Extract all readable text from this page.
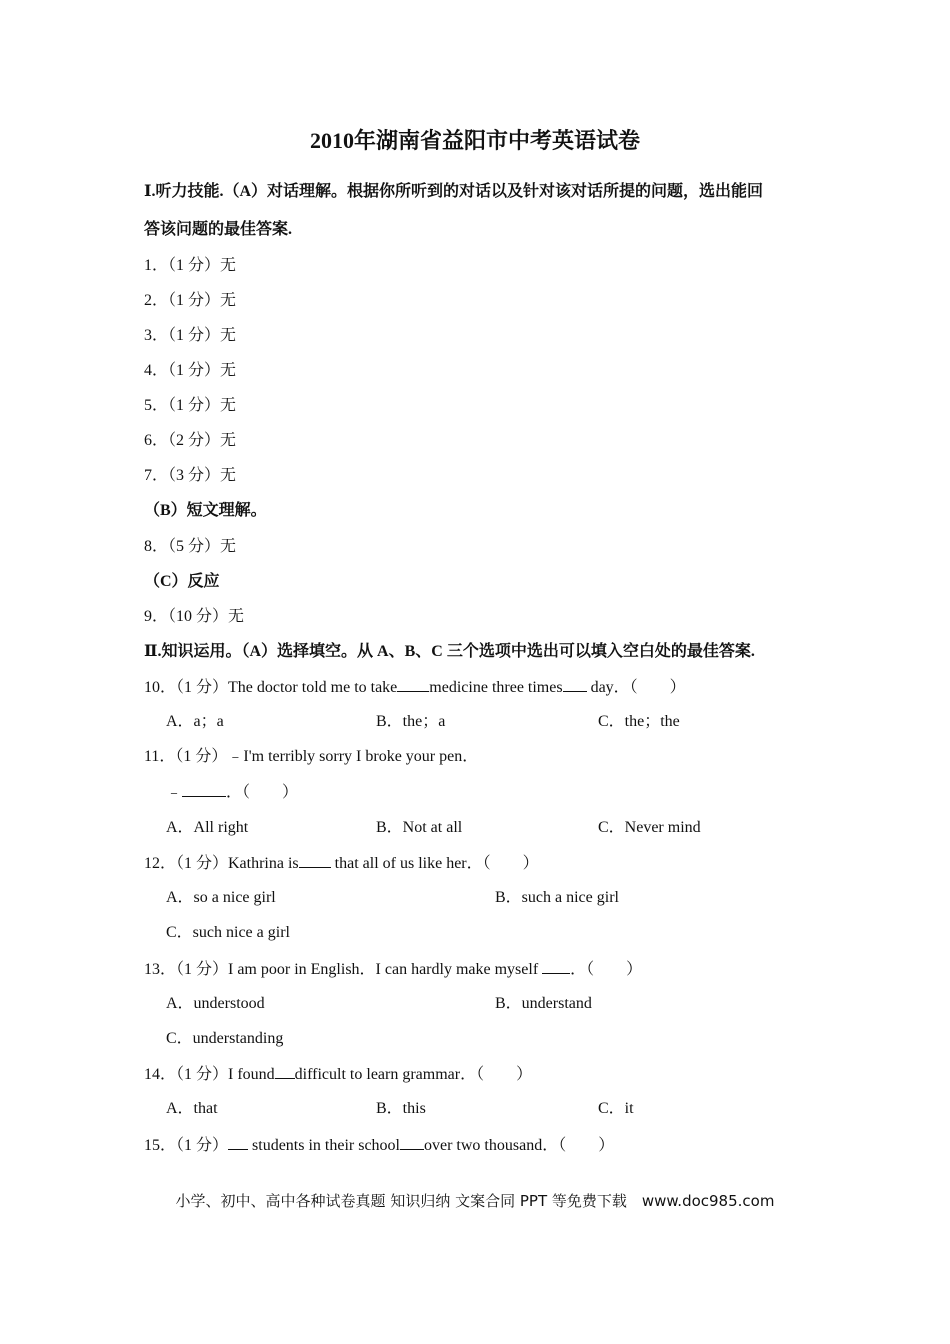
2010年湖南省益阳市中考英语试卷
Ⅰ.听力技能.（A）对话理解。根据你所听到的对话以及针对该对话所提的问题，选出能回
答该问题的最佳答案.
1．（1 分）无
2．（1 分）无
3．（1 分）无
4．（1 分）无
5．（1 分）无
6．（2 分）无
7．（3 分）无
（B）短文理解。
8．（5 分）无
（C）反应
9．（10 分）无
Ⅱ.知识运用。（A）选择填空。从 A、B、C 三个选项中选出可以填入空白处的最佳答案.
10．（1 分）The doctor told me to take medicine three times day．（　　）
A．a；a	B．the；a	C．the；the
11．（1 分）﹣I'm terribly sorry I broke your pen．
﹣	．（　　）
A．All right	B．Not at all	C．Never mind
12．（1 分）Kathrina is that all of us like her．（　　）
A．so a nice girl	B．such a nice girl
C．such nice a girl
13．（1 分）I am poor in English．I can hardly make myself ．（　　）
A．understood	B．understand
C．understanding
14．（1 分）I found difficult to learn grammar．（　　）
A．that	B．this	C．it
15．（1 分） students in their school over two thousand．（　　）
小学、初中、高中各种试卷真题 知识归纳 文案合同 PPT 等免费下载　www.doc985.com
